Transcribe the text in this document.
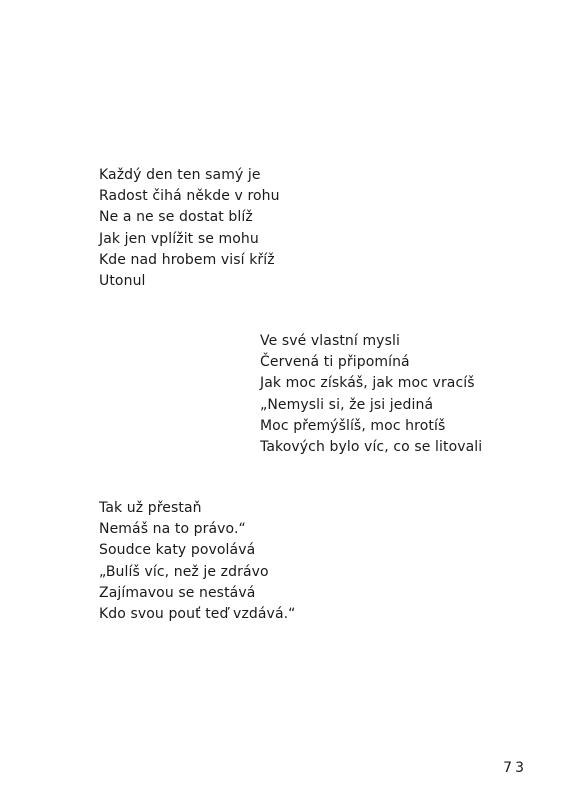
Každý den ten samý je
Radost čihá někde v rohu
Ne a ne se dostat blíž
Jak jen vplížit se mohu
Kde nad hrobem visí kříž
Utonul
Ve své vlastní mysli
Červená ti připomíná
Jak moc získáš, jak moc vracíš
„Nemysli si, že jsi jediná
Moc přemýšlíš, moc hrotíš
Takových bylo víc, co se litovali
Tak už přestaň
Nemáš na to právo.“
Soudce katy povolává
„Bulíš víc, než je zdrávo
Zajímavou se nestává
Kdo svou pouť teď vzdává.“
73
